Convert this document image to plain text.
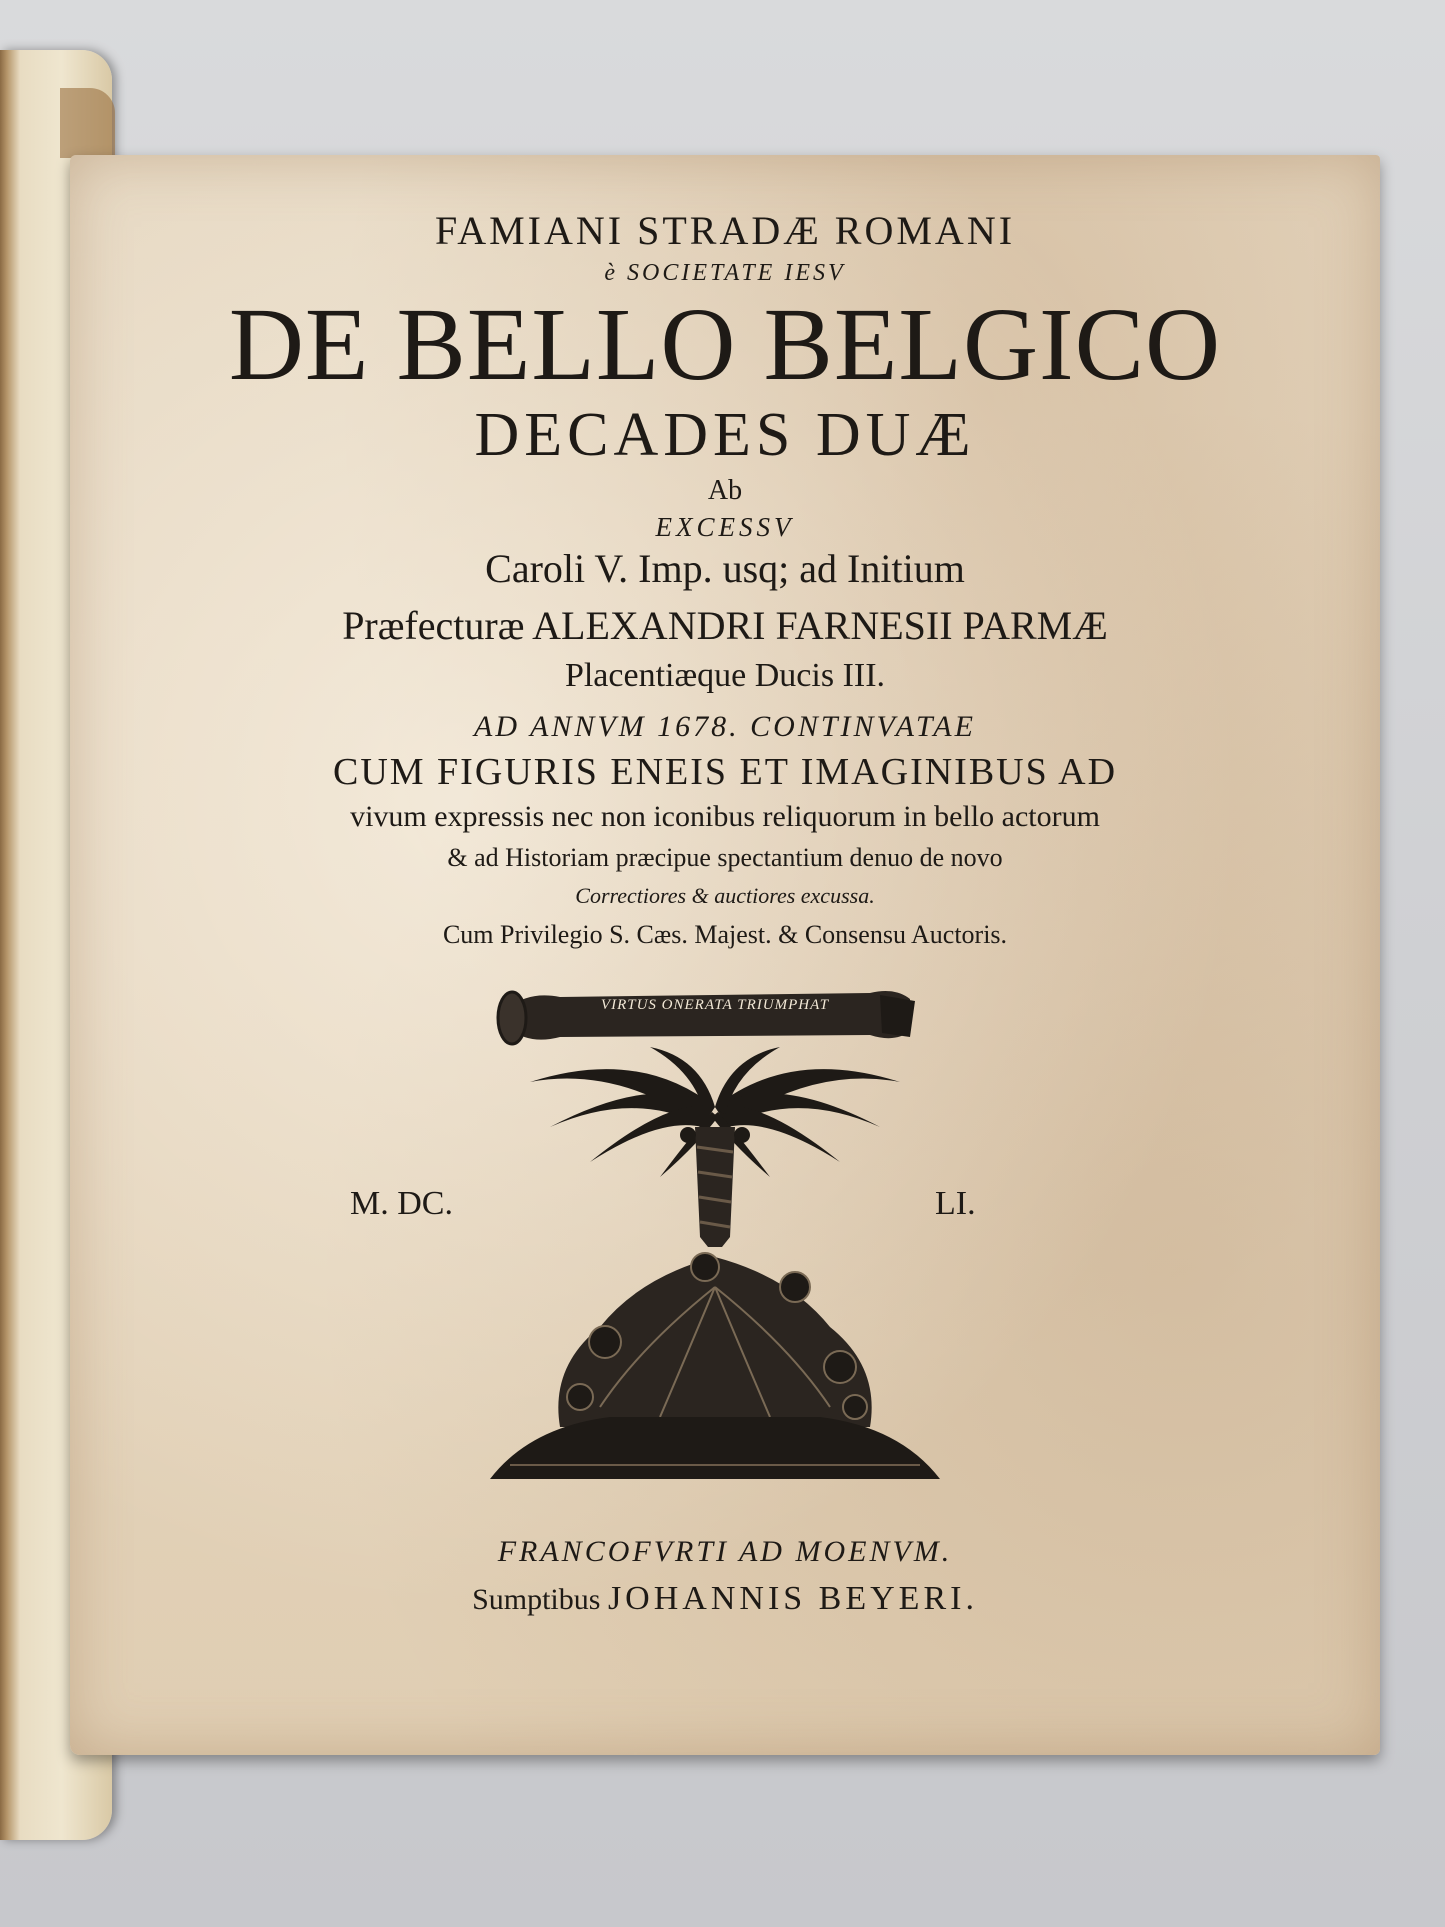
FAMIANI STRADÆ ROMANI

è SOCIETATE IESV

DE BELLO BELGICO

DECADES DUÆ

Ab

EXCESSV

Caroli V. Imp. usq; ad Initium

Præfecturæ ALEXANDRI FARNESII PARMÆ

Placentiæque Ducis III.

AD ANNVM 1678. CONTINVATAE

CUM FIGURIS ENEIS ET IMAGINIBUS AD

vivum expressis nec non iconibus reliquorum in bello actorum

& ad Historiam præcipue spectantium denuo de novo

Correctiores & auctiores excussa.

Cum Privilegio S. Cæs. Majest. & Consensu Auctoris.

M. DC.	LI.

VIRTUS ONERATA TRIUMPHAT

FRANCOFVRTI AD MOENVM.

Sumptibus JOHANNIS BEYERI.
